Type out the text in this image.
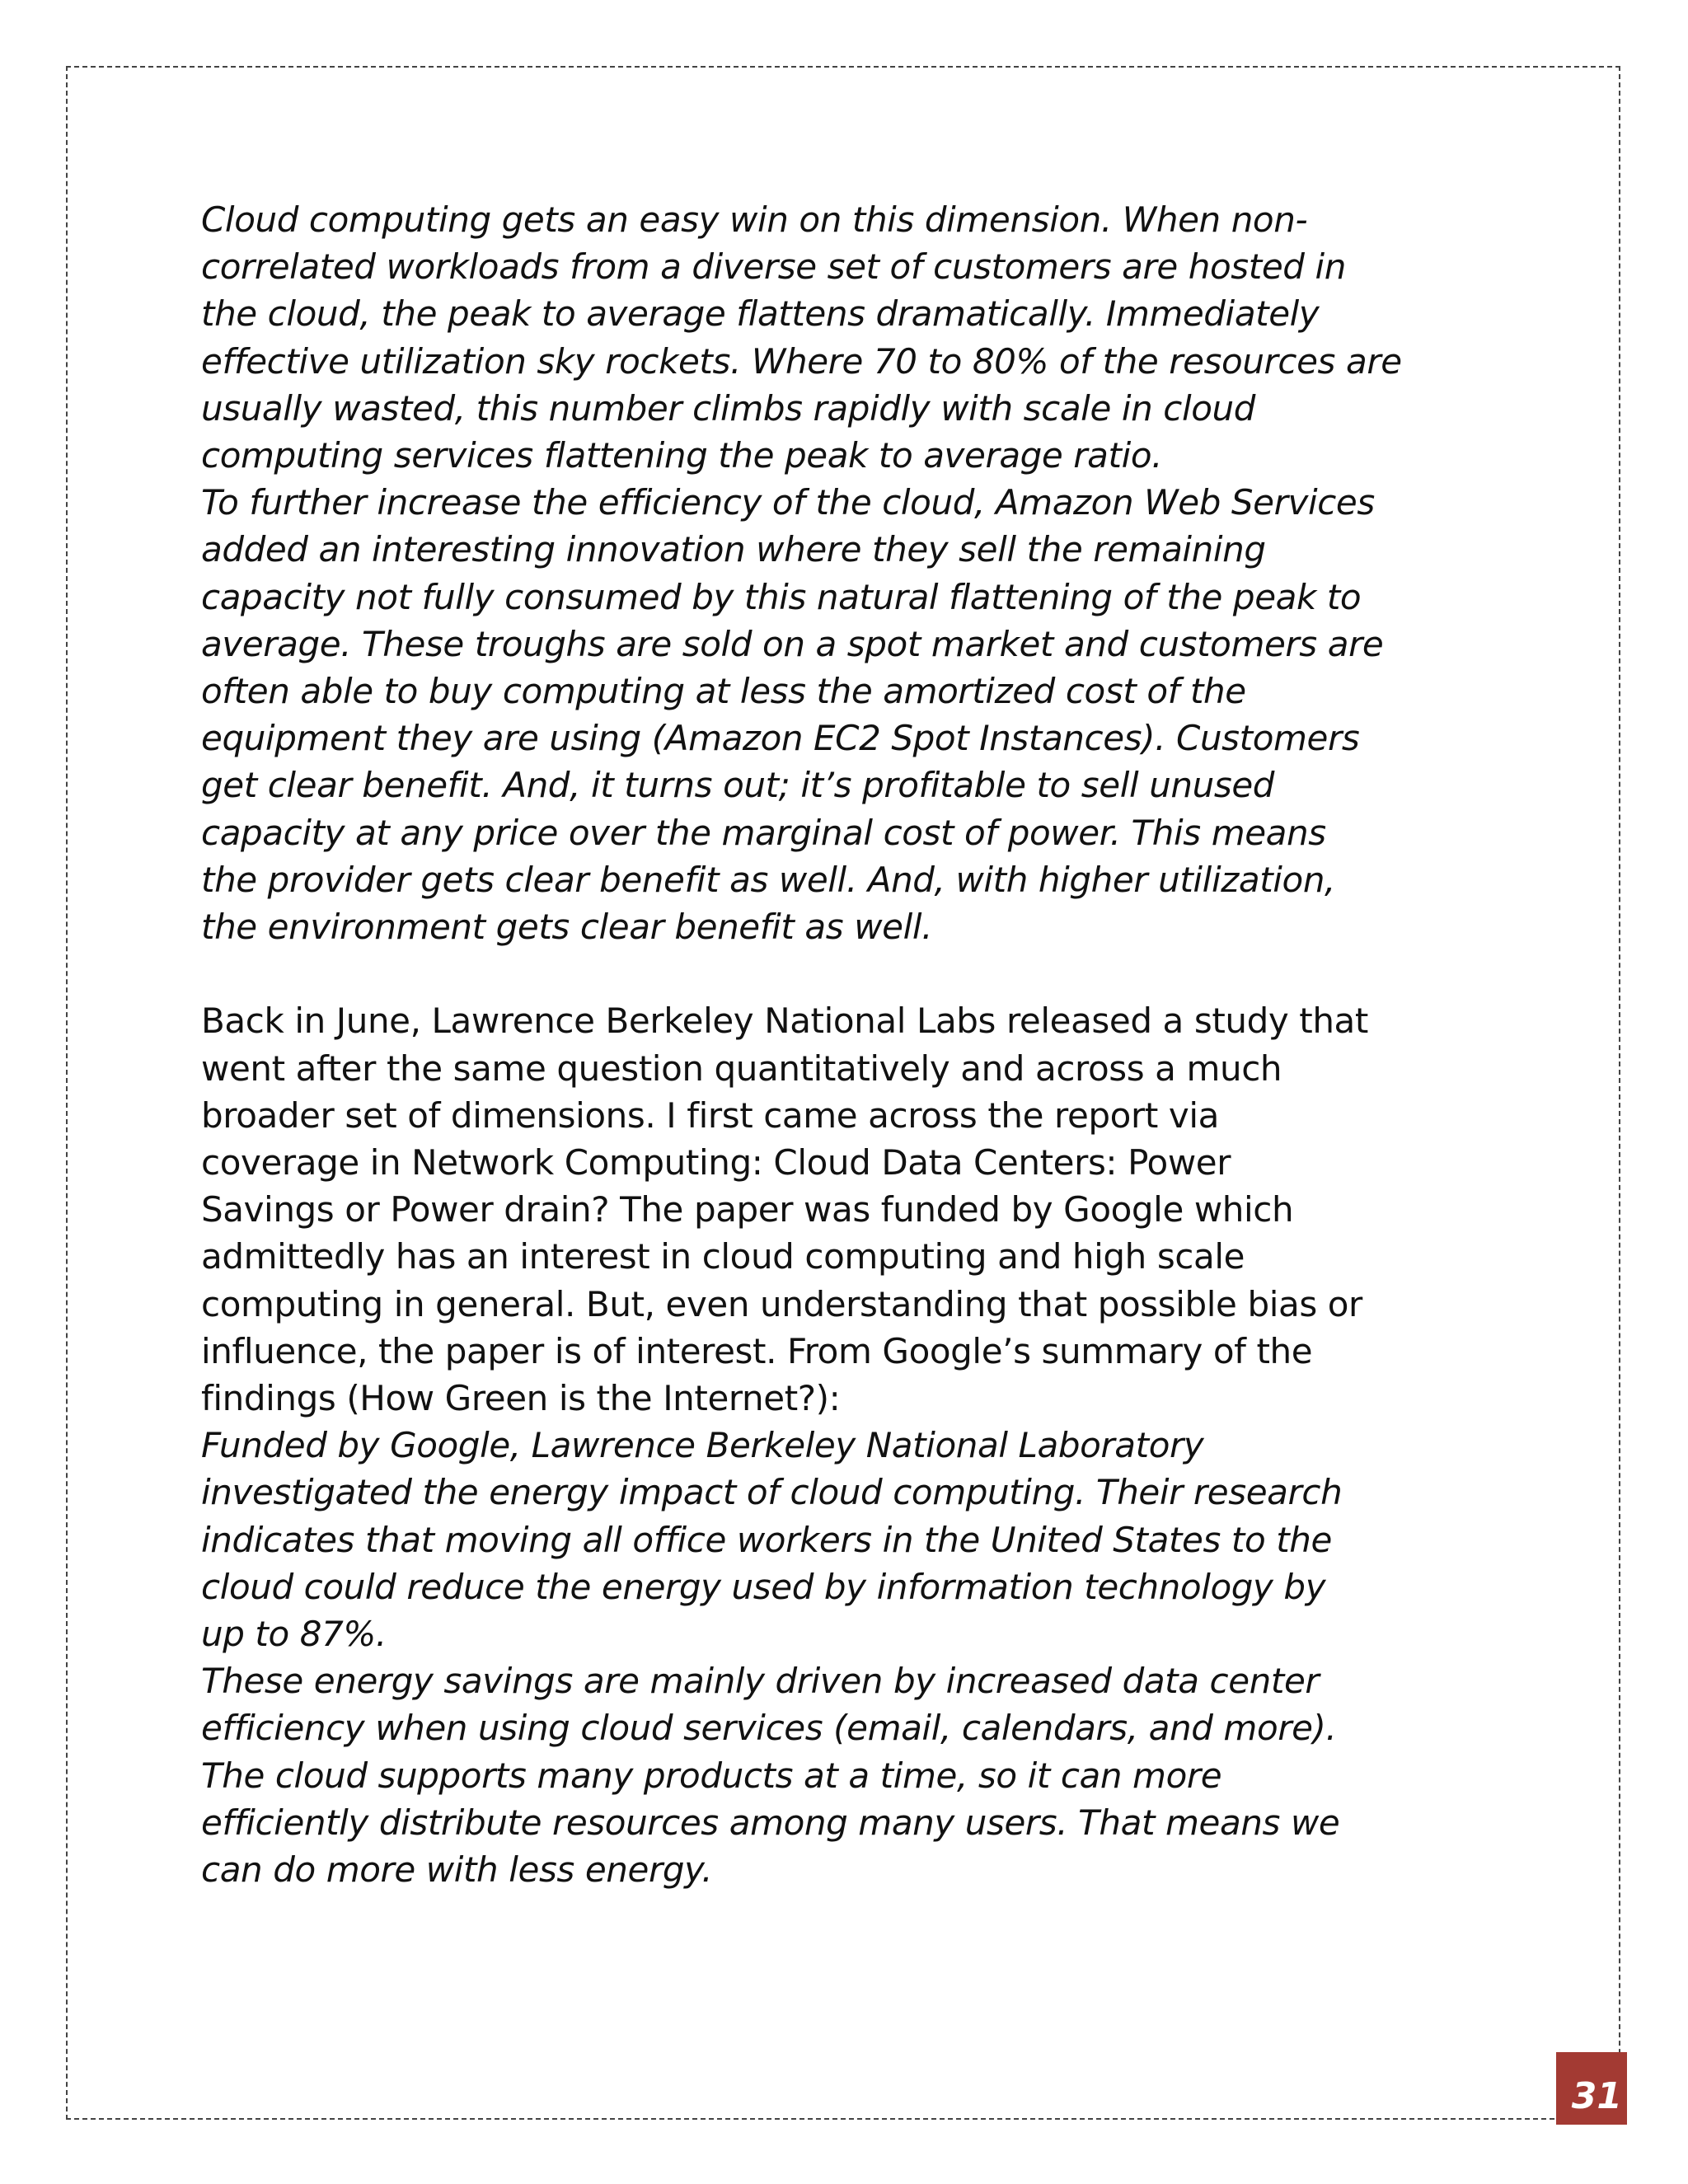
Cloud computing gets an easy win on this dimension. When non-
correlated workloads from a diverse set of customers are hosted in
the cloud, the peak to average flattens dramatically. Immediately
effective utilization sky rockets. Where 70 to 80% of the resources are
usually wasted, this number climbs rapidly with scale in cloud
computing services flattening the peak to average ratio.
To further increase the efficiency of the cloud, Amazon Web Services
added an interesting innovation where they sell the remaining
capacity not fully consumed by this natural flattening of the peak to
average. These troughs are sold on a spot market and customers are
often able to buy computing at less the amortized cost of the
equipment they are using (Amazon EC2 Spot Instances). Customers
get clear benefit. And, it turns out; it’s profitable to sell unused
capacity at any price over the marginal cost of power. This means
the provider gets clear benefit as well. And, with higher utilization,
the environment gets clear benefit as well.
Back in June, Lawrence Berkeley National Labs released a study that
went after the same question quantitatively and across a much
broader set of dimensions. I first came across the report via
coverage in Network Computing: Cloud Data Centers: Power
Savings or Power drain? The paper was funded by Google which
admittedly has an interest in cloud computing and high scale
computing in general. But, even understanding that possible bias or
influence, the paper is of interest. From Google’s summary of the
findings (How Green is the Internet?):
Funded by Google, Lawrence Berkeley National Laboratory
investigated the energy impact of cloud computing. Their research
indicates that moving all office workers in the United States to the
cloud could reduce the energy used by information technology by
up to 87%.
These energy savings are mainly driven by increased data center
efficiency when using cloud services (email, calendars, and more).
The cloud supports many products at a time, so it can more
efficiently distribute resources among many users. That means we
can do more with less energy.
31
